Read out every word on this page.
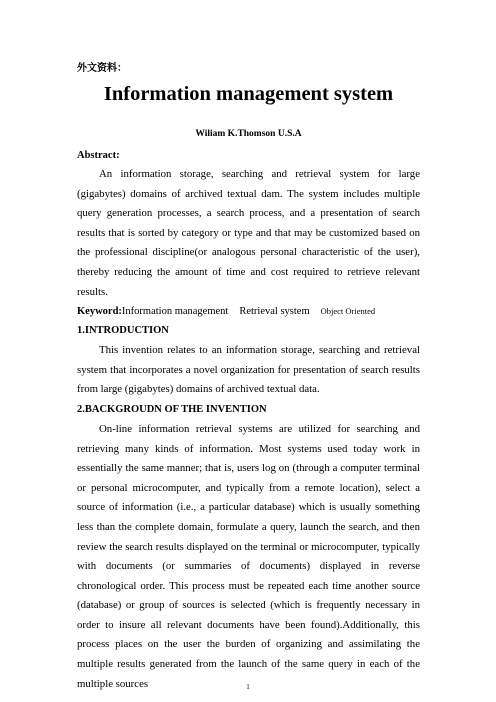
外文资料：
Information management system
Wiliam K.Thomson U.S.A
Abstract:

An information storage, searching and retrieval system for large (gigabytes) domains of archived textual dam. The system includes multiple query generation processes, a search process, and a presentation of search results that is sorted by category or type and that may be customized based on the professional discipline(or analogous personal characteristic of the user), thereby reducing the amount of time and cost required to retrieve relevant results.

Keyword:Information management Retrieval system Object Oriented
1.INTRODUCTION

This invention relates to an information storage, searching and retrieval system that incorporates a novel organization for presentation of search results from large (gigabytes) domains of archived textual data.

2.BACKGROUDN OF THE INVENTION

On-line information retrieval systems are utilized for searching and retrieving many kinds of information. Most systems used today work in essentially the same manner; that is, users log on (through a computer terminal or personal microcomputer, and typically from a remote location), select a source of information (i.e., a particular database) which is usually something less than the complete domain, formulate a query, launch the search, and then review the search results displayed on the terminal or microcomputer, typically with documents (or summaries of documents) displayed in reverse chronological order. This process must be repeated each time another source (database) or group of sources is selected (which is frequently necessary in order to insure all relevant documents have been found).Additionally, this process places on the user the burden of organizing and assimilating the multiple results generated from the launch of the same query in each of the multiple sources	1
